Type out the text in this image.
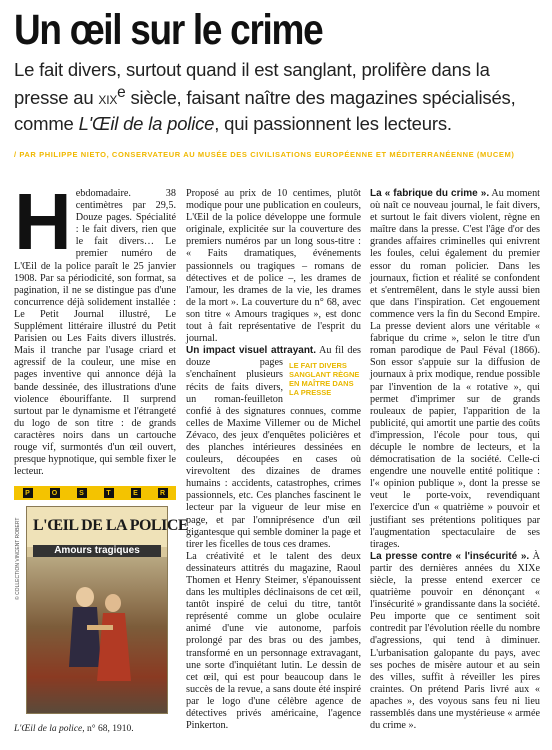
Un œil sur le crime
Le fait divers, surtout quand il est sanglant, prolifère dans la presse au XIXe siècle, faisant naître des magazines spécialisés, comme L'Œil de la police, qui passionnent les lecteurs.
/ PAR PHILIPPE NIETO, CONSERVATEUR AU MUSÉE DES CIVILISATIONS EUROPÉENNE ET MÉDITERRANÉENNE (MUCEM)
H ebdomadaire. 38 centimètres par 29,5. Douze pages. Spécialité : le fait divers, rien que le fait divers… Le premier numéro de L'Œil de la police paraît le 25 janvier 1908. Par sa périodicité, son format, sa pagination, il ne se distingue pas d'une concurrence déjà solidement installée : Le Petit Journal illustré, Le Supplément littéraire illustré du Petit Parisien ou Les Faits divers illustrés. Mais il tranche par l'usage criard et agressif de la couleur, une mise en pages inventive qui annonce déjà la bande dessinée, des illustrations d'une violence ébouriffante. Il surprend surtout par le dynamisme et l'étrangeté du logo de son titre : de grands caractères noirs dans un cartouche rouge vif, surmontés d'un œil ouvert, presque hypnotique, qui semble fixer le lecteur.

P	O	S	T	E	R
L'ŒIL DE LA POLICE
Amours tragiques
© COLLECTION VINCENT ROBERT
L'Œil de la police, n° 68, 1910.

Proposé au prix de 10 centimes, plutôt modique pour une publication en couleurs, L'Œil de la police développe une formule originale, explicitée sur la couverture des premiers numéros par un long sous-titre : « Faits dramatiques, événements passionnels ou tragiques – romans de détectives et de police –, les drames de l'amour, les drames de la vie, les drames de la mort ». La couverture du n° 68, avec son titre « Amours tragiques », est donc tout à fait représentative de l'esprit du journal.

Un impact visuel attrayant.
LE FAIT DIVERS SANGLANT RÈGNE EN MAÎTRE DANS LA PRESSE
Au fil des douze pages s'enchaînent plusieurs récits de faits divers, un roman-feuilleton confié à des signatures connues, comme celles de Maxime Villemer ou de Michel Zévaco, des jeux d'enquêtes policières et des planches intérieures dessinées en couleurs, découpées en cases où virevoltent des dizaines de drames humains : accidents, catastrophes, crimes passionnels, etc. Ces planches fascinent le lecteur par la vigueur de leur mise en page, et par l'omniprésence d'un œil gigantesque qui semble dominer la page et tirer les ficelles de tous ces drames.

La créativité et le talent des deux dessinateurs attitrés du magazine, Raoul Thomen et Henry Steimer, s'épanouissent dans les multiples déclinaisons de cet œil, tantôt inspiré de celui du titre, tantôt représenté comme un globe oculaire animé d'une vie autonome, parfois prolongé par des bras ou des jambes, transformé en un personnage extravagant, une sorte d'inquiétant lutin. Le dessin de cet œil, qui est pour beaucoup dans le succès de la revue, a sans doute été inspiré par le logo d'une célèbre agence de détectives privés américaine, l'agence Pinkerton.

La « fabrique du crime ». Au moment où naît ce nouveau journal, le fait divers, et surtout le fait divers violent, règne en maître dans la presse. C'est l'âge d'or des grandes affaires criminelles qui enivrent les foules, celui également du premier essor du roman policier. Dans les journaux, fiction et réalité se confondent et s'entremêlent, dans le style aussi bien que dans l'inspiration. Cet engouement commence vers la fin du Second Empire. La presse devient alors une véritable « fabrique du crime », selon le titre d'un roman parodique de Paul Féval (1866). Son essor s'appuie sur la diffusion de journaux à prix modique, rendue possible par l'invention de la « rotative », qui permet d'imprimer sur de grands rouleaux de papier, l'apparition de la publicité, qui amortit une partie des coûts d'impression, l'école pour tous, qui décuple le nombre de lecteurs, et la démocratisation de la société. Celle-ci engendre une nouvelle entité politique : l'« opinion publique », dont la presse se veut le porte-voix, revendiquant l'exercice d'un « quatrième » pouvoir et justifiant ses prétentions politiques par l'augmentation spectaculaire de ses tirages.

La presse contre « l'insécurité ». À partir des dernières années du XIXe siècle, la presse entend exercer ce quatrième pouvoir en dénonçant « l'insécurité » grandissante dans la société. Peu importe que ce sentiment soit contredit par l'évolution réelle du nombre d'agressions, qui tend à diminuer. L'urbanisation galopante du pays, avec ses poches de misère autour et au sein des villes, suffit à réveiller les pires craintes. On prétend Paris livré aux « apaches », des voyous sans feu ni lieu rassemblés dans une mystérieuse « armée du crime ».
